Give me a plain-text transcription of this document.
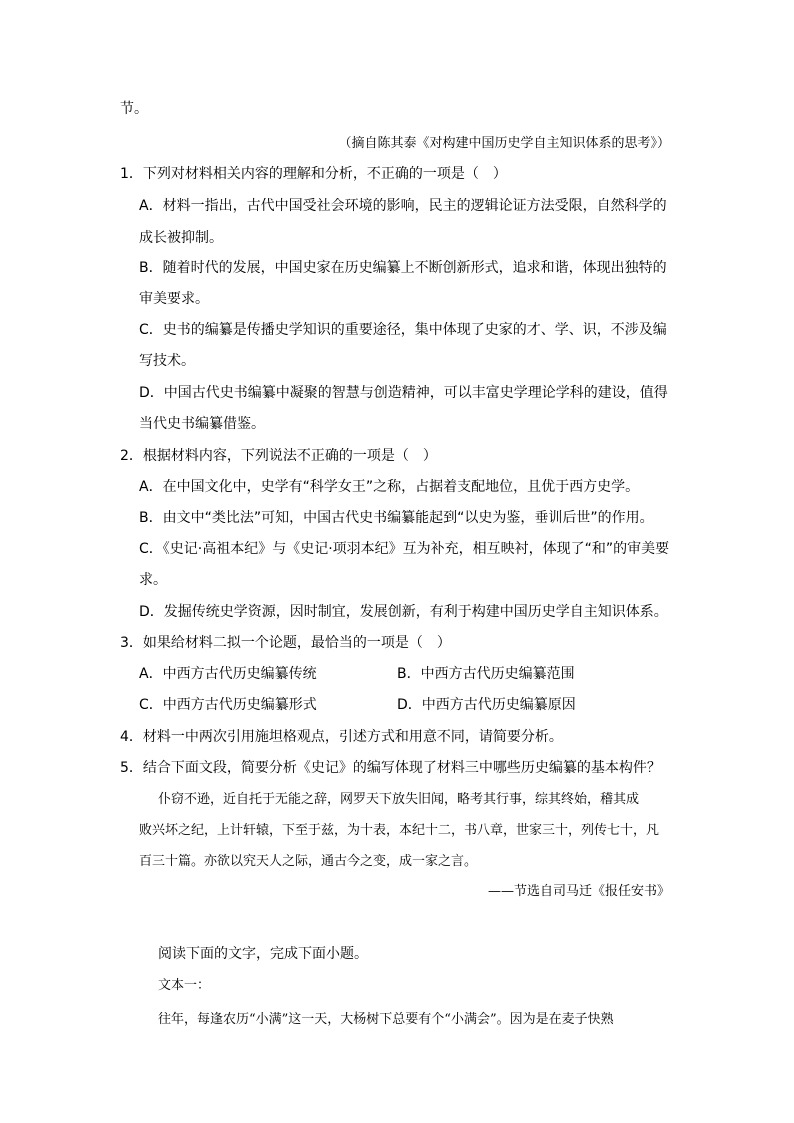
节。
（摘自陈其泰《对构建中国历史学自主知识体系的思考》）
1．下列对材料相关内容的理解和分析，不正确的一项是（　）
A．材料一指出，古代中国受社会环境的影响，民主的逻辑论证方法受限，自然科学的
成长被抑制。
B．随着时代的发展，中国史家在历史编纂上不断创新形式，追求和谐，体现出独特的
审美要求。
C．史书的编纂是传播史学知识的重要途径，集中体现了史家的才、学、识，不涉及编
写技术。
D．中国古代史书编纂中凝聚的智慧与创造精神，可以丰富史学理论学科的建设，值得
当代史书编纂借鉴。
2．根据材料内容，下列说法不正确的一项是（　）
A．在中国文化中，史学有“科学女王”之称，占据着支配地位，且优于西方史学。
B．由文中“类比法”可知，中国古代史书编纂能起到“以史为鉴，垂训后世”的作用。
C．《史记·高祖本纪》与《史记·项羽本纪》互为补充，相互映衬，体现了“和”的审美要
求。
D．发掘传统史学资源，因时制宜，发展创新，有利于构建中国历史学自主知识体系。
3．如果给材料二拟一个论题，最恰当的一项是（　）
A．中西方古代历史编纂传统	B．中西方古代历史编纂范围
C．中西方古代历史编纂形式	D．中西方古代历史编纂原因
4．材料一中两次引用施坦格观点，引述方式和用意不同，请简要分析。
5．结合下面文段，简要分析《史记》的编写体现了材料三中哪些历史编纂的基本构件？
仆窃不逊，近自托于无能之辞，网罗天下放失旧闻，略考其行事，综其终始，稽其成
败兴坏之纪，上计轩辕，下至于兹，为十表，本纪十二，书八章，世家三十，列传七十，凡
百三十篇。亦欲以究天人之际，通古今之变，成一家之言。
——节选自司马迁《报任安书》
阅读下面的文字，完成下面小题。
文本一：
往年，每逢农历“小满”这一天，大杨树下总要有个“小满会”。因为是在麦子快熟
